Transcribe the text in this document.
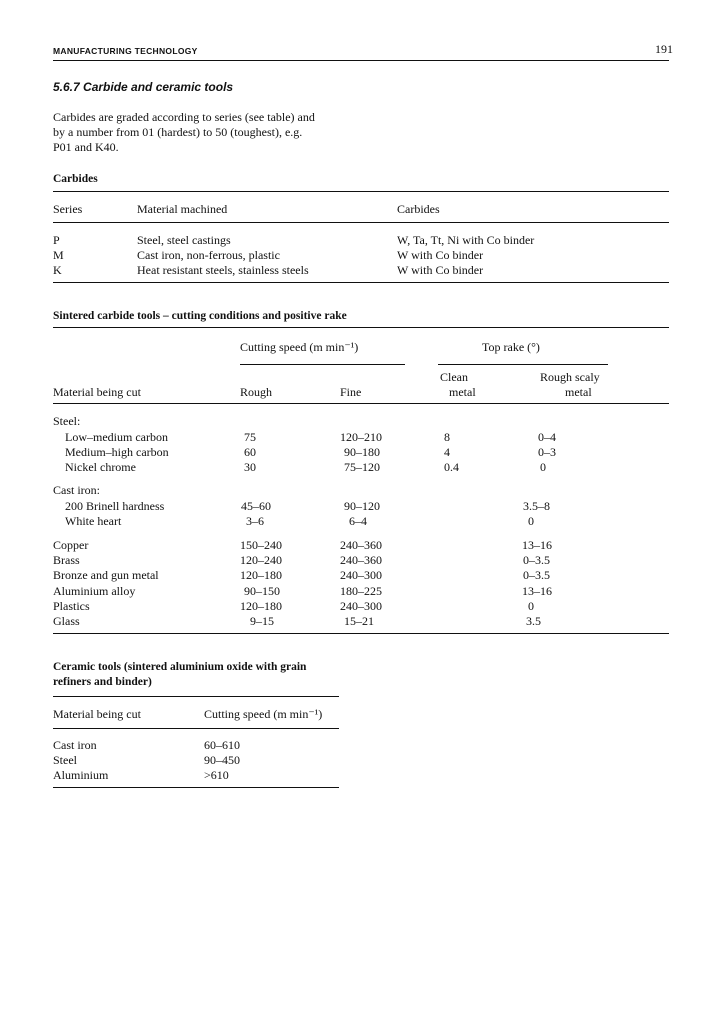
MANUFACTURING TECHNOLOGY	191
5.6.7 Carbide and ceramic tools
Carbides are graded according to series (see table) and
by a number from 01 (hardest) to 50 (toughest), e.g.
P01 and K40.
Carbides
Series	Material machined	Carbides
P	Steel, steel castings	W, Ta, Tt, Ni with Co binder
M	Cast iron, non-ferrous, plastic	W with Co binder
K	Heat resistant steels, stainless steels	W with Co binder
Sintered carbide tools – cutting conditions and positive rake
Cutting speed (m min⁻¹)	Top rake (°)
Clean	Rough scaly
Material being cut	Rough	Fine	metal	metal
Steel:
Low–medium carbon	75	120–210	8	0–4
Medium–high carbon	60	90–180	4	0–3
Nickel chrome	30	75–120	0.4	0
Cast iron:
200 Brinell hardness	45–60	90–120	3.5–8
White heart	3–6	6–4	0
Copper	150–240	240–360	13–16
Brass	120–240	240–360	0–3.5
Bronze and gun metal	120–180	240–300	0–3.5
Aluminium alloy	90–150	180–225	13–16
Plastics	120–180	240–300	0
Glass	9–15	15–21	3.5
Ceramic tools (sintered aluminium oxide with grain
refiners and binder)
Material being cut	Cutting speed (m min⁻¹)
Cast iron	60–610
Steel	90–450
Aluminium	>610
